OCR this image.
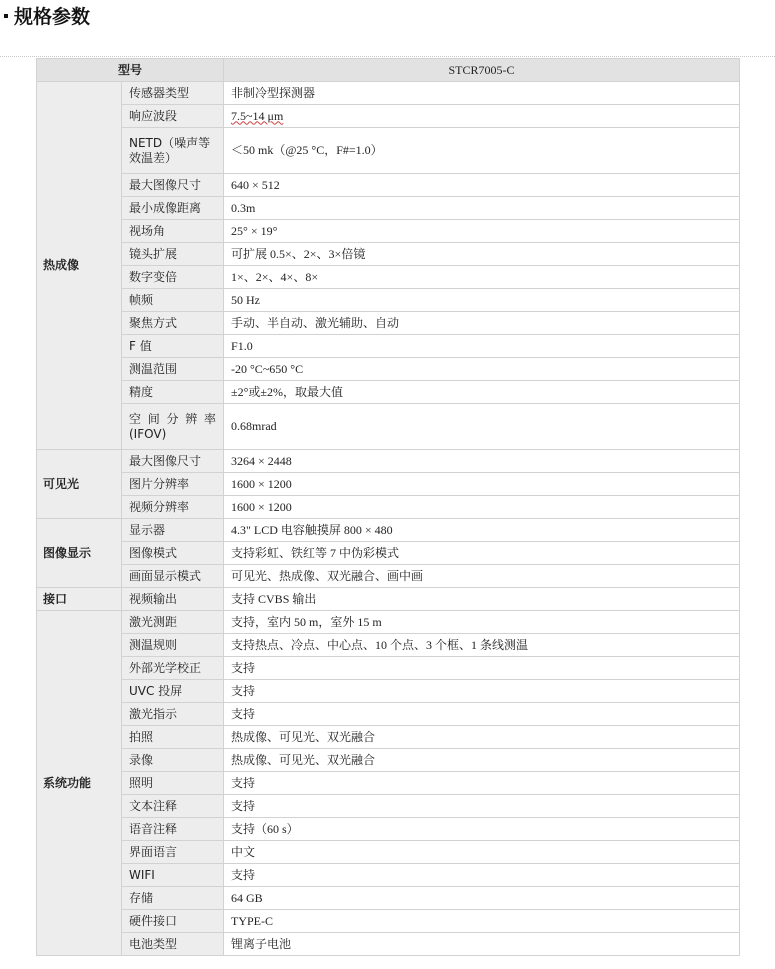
规格参数
型号		STCR7005-C
热成像	传感器类型	非制冷型探测器
	响应波段	7.5~14 μm
	NETD（噪声等效温差）	＜50 mk（@25 °C，F#=1.0）
	最大图像尺寸	640 × 512
	最小成像距离	0.3m
	视场角	25° × 19°
	镜头扩展	可扩展 0.5×、2×、3×倍镜
	数字变倍	1×、2×、4×、8×
	帧频	50 Hz
	聚焦方式	手动、半自动、激光辅助、自动
	F 值	F1.0
	测温范围	-20 °C~650 °C
	精度	±2°或±2%，取最大值

	空间分辨率(IFOV)	0.68mrad
可见光	最大图像尺寸	3264 × 2448
	图片分辨率	1600 × 1200
	视频分辨率	1600 × 1200
图像显示	显示器	4.3" LCD 电容触摸屏 800 × 480
	图像模式	支持彩虹、铁红等 7 中伪彩模式
	画面显示模式	可见光、热成像、双光融合、画中画
接口	视频输出	支持 CVBS 输出
系统功能	激光测距	支持，室内 50 m，室外 15 m
	测温规则	支持热点、冷点、中心点、10 个点、3 个框、1 条线测温
	外部光学校正	支持
	UVC 投屏	支持
	激光指示	支持
	拍照	热成像、可见光、双光融合
	录像	热成像、可见光、双光融合
	照明	支持
	文本注释	支持
	语音注释	支持（60 s）
	界面语言	中文
	WIFI	支持
	存储	64 GB
	硬件接口	TYPE-C
	电池类型	锂离子电池
